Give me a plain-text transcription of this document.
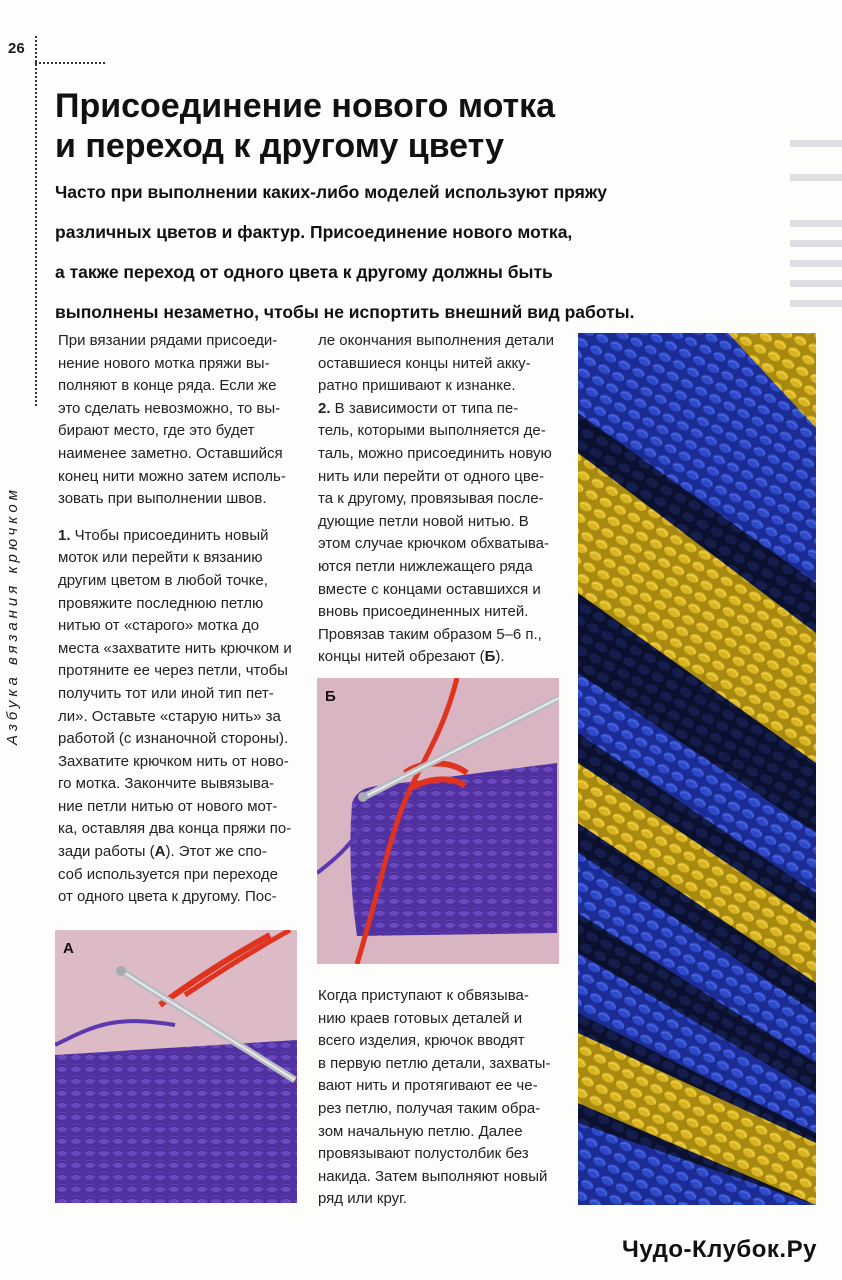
26
Азбука вязания крючком
Присоединение нового мотка
и переход к другому цвету
Часто при выполнении каких-либо моделей используют пряжу
различных цветов и фактур. Присоединение нового мотка,
а также переход от одного цвета к другому должны быть
выполнены незаметно, чтобы не испортить внешний вид работы.
При вязании рядами присоеди-
нение нового мотка пряжи вы-
полняют в конце ряда. Если же
это сделать невозможно, то вы-
бирают место, где это будет
наименее заметно. Оставшийся
конец нити можно затем исполь-
зовать при выполнении швов.
1. Чтобы присоединить новый
моток или перейти к вязанию
другим цветом в любой точке,
провяжите последнюю петлю
нитью от «старого» мотка до
места «захватите нить крючком и
протяните ее через петли, чтобы
получить тот или иной тип пет-
ли». Оставьте «старую нить» за
работой (с изнаночной стороны).
Захватите крючком нить от ново-
го мотка. Закончите вывязыва-
ние петли нитью от нового мот-
ка, оставляя два конца пряжи по-
зади работы (А). Этот же спо-
соб используется при переходе
от одного цвета к другому. Пос-
ле окончания выполнения детали
оставшиеся концы нитей акку-
ратно пришивают к изнанке.
2. В зависимости от типа пе-
тель, которыми выполняется де-
таль, можно присоединить новую
нить или перейти от одного цве-
та к другому, провязывая после-
дующие петли новой нитью. В
этом случае крючком обхватыва-
ются петли нижлежащего ряда
вместе с концами оставшихся и
вновь присоединенных нитей.
Провязав таким образом 5–6 п.,
концы нитей обрезают (Б).
Когда приступают к обвязыва-
нию краев готовых деталей и
всего изделия, крючок вводят
в первую петлю детали, захваты-
вают нить и протягивают ее че-
рез петлю, получая таким обра-
зом начальную петлю. Далее
провязывают полустолбик без
накида. Затем выполняют новый
ряд или круг.
А
Б
Чудо-Клубок.Ру
